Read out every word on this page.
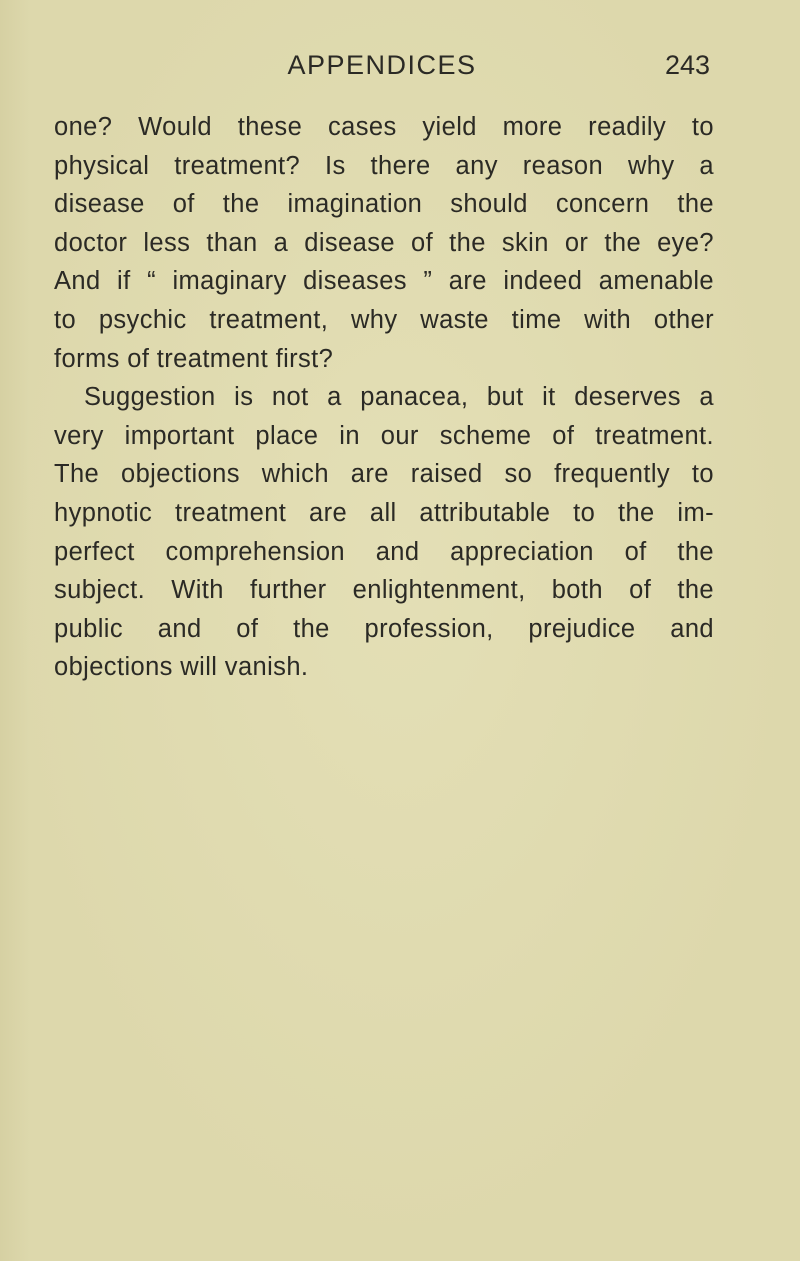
APPENDICES	243
one? Would these cases yield more readily to
physical treatment? Is there any reason why a
disease of the imagination should concern the
doctor less than a disease of the skin or the eye?
And if “ imaginary diseases ” are indeed amenable
to psychic treatment, why waste time with other
forms of treatment first?
Suggestion is not a panacea, but it deserves a
very important place in our scheme of treatment.
The objections which are raised so frequently to
hypnotic treatment are all attributable to the im-
perfect comprehension and appreciation of the
subject. With further enlightenment, both of the
public and of the profession, prejudice and
objections will vanish.
